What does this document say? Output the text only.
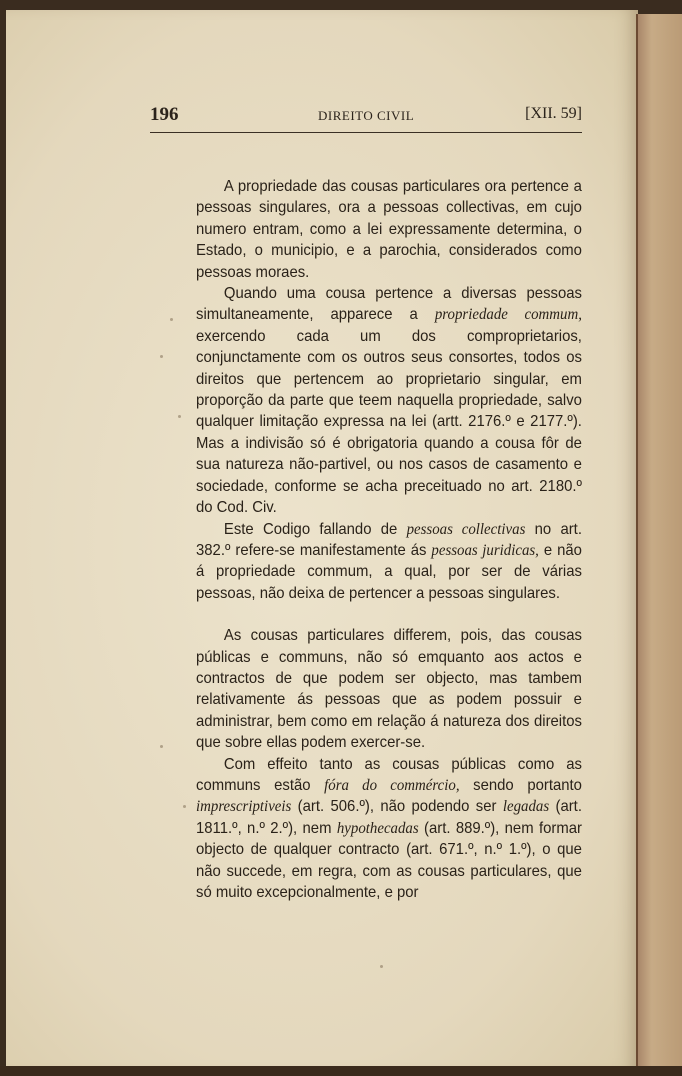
196	DIREITO CIVIL	[XII. 59]

A propriedade das cousas particulares ora pertence a pessoas singulares, ora a pessoas collectivas, em cujo numero entram, como a lei expressamente determina, o Estado, o municipio, e a parochia, considerados como pessoas moraes.

Quando uma cousa pertence a diversas pessoas simultaneamente, apparece a propriedade commum, exercendo cada um dos comproprietarios, conjunctamente com os outros seus consortes, todos os direitos que pertencem ao proprietario singular, em proporção da parte que teem naquella propriedade, salvo qualquer limitação expressa na lei (artt. 2176.º e 2177.º). Mas a indivisão só é obrigatoria quando a cousa fôr de sua natureza não-partivel, ou nos casos de casamento e sociedade, conforme se acha preceituado no art. 2180.º do Cod. Civ.

Este Codigo fallando de pessoas collectivas no art. 382.º refere-se manifestamente ás pessoas juridicas, e não á propriedade commum, a qual, por ser de várias pessoas, não deixa de pertencer a pessoas singulares.

As cousas particulares differem, pois, das cousas públicas e communs, não só emquanto aos actos e contractos de que podem ser objecto, mas tambem relativamente ás pessoas que as podem possuir e administrar, bem como em relação á natureza dos direitos que sobre ellas podem exercer-se.

Com effeito tanto as cousas públicas como as communs estão fóra do commércio, sendo portanto imprescriptiveis (art. 506.º), não podendo ser legadas (art. 1811.º, n.º 2.º), nem hypothecadas (art. 889.º), nem formar objecto de qualquer contracto (art. 671.º, n.º 1.º), o que não succede, em regra, com as cousas particulares, que só muito excepcionalmente, e por
